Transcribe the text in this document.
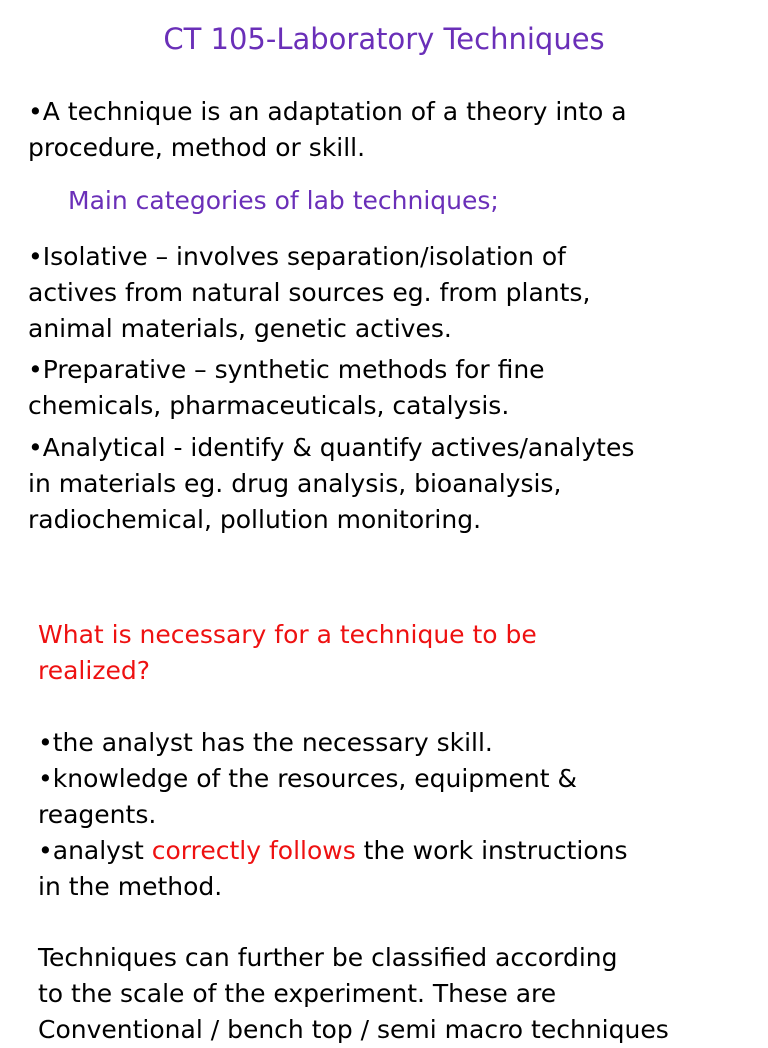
CT 105-Laboratory Techniques
•A technique is an adaptation of a theory into a
procedure, method or skill.
Main categories of lab techniques;
•Isolative – involves separation/isolation of
actives from natural sources eg. from plants,
animal materials, genetic actives.
•Preparative – synthetic methods for fine
chemicals, pharmaceuticals, catalysis.
•Analytical - identify & quantify actives/analytes
in materials eg. drug analysis, bioanalysis,
radiochemical, pollution monitoring.
What is necessary for a technique to be
realized?
•the analyst has the necessary skill.
•knowledge of the resources, equipment &
reagents.
•analyst correctly follows the work instructions
in the method.
Techniques can further be classified according
to the scale of the experiment. These are
Conventional / bench top / semi macro techniques
